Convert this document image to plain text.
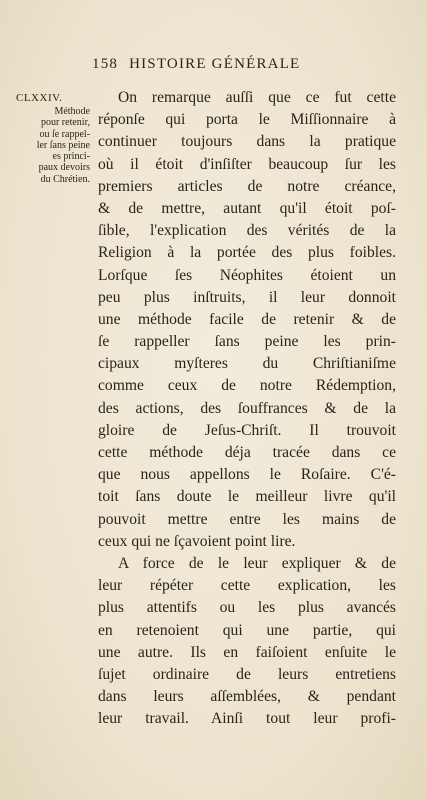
158 HISTOIRE GÉNÉRALE
CLXXIV.
Méthode
pour retenir,
ou ſe rappel-
ler ſans peine
es princi-
paux devoirs
du Chrétien.
On remarque auſſi que ce fut cette
réponſe qui porta le Miſſionnaire à
continuer toujours dans la pratique
où il étoit d'inſiſter beaucoup ſur les
premiers articles de notre créance,
& de mettre, autant qu'il étoit poſ-
ſible, l'explication des vérités de la
Religion à la portée des plus foibles.
Lorſque ſes Néophites étoient un
peu plus inſtruits, il leur donnoit
une méthode facile de retenir & de
ſe rappeller ſans peine les prin-
cipaux myſteres du Chriſtianiſme
comme ceux de notre Rédemption,
des actions, des ſouffrances & de la
gloire de Jeſus-Chriſt. Il trouvoit
cette méthode déja tracée dans ce
que nous appellons le Roſaire. C'é-
toit ſans doute le meilleur livre qu'il
pouvoit mettre entre les mains de
ceux qui ne ſçavoient point lire.
A force de le leur expliquer & de
leur répéter cette explication, les
plus attentifs ou les plus avancés
en retenoient qui une partie, qui
une autre. Ils en faiſoient enſuite le
ſujet ordinaire de leurs entretiens
dans leurs aſſemblées, & pendant
leur travail. Ainſi tout leur profi-
